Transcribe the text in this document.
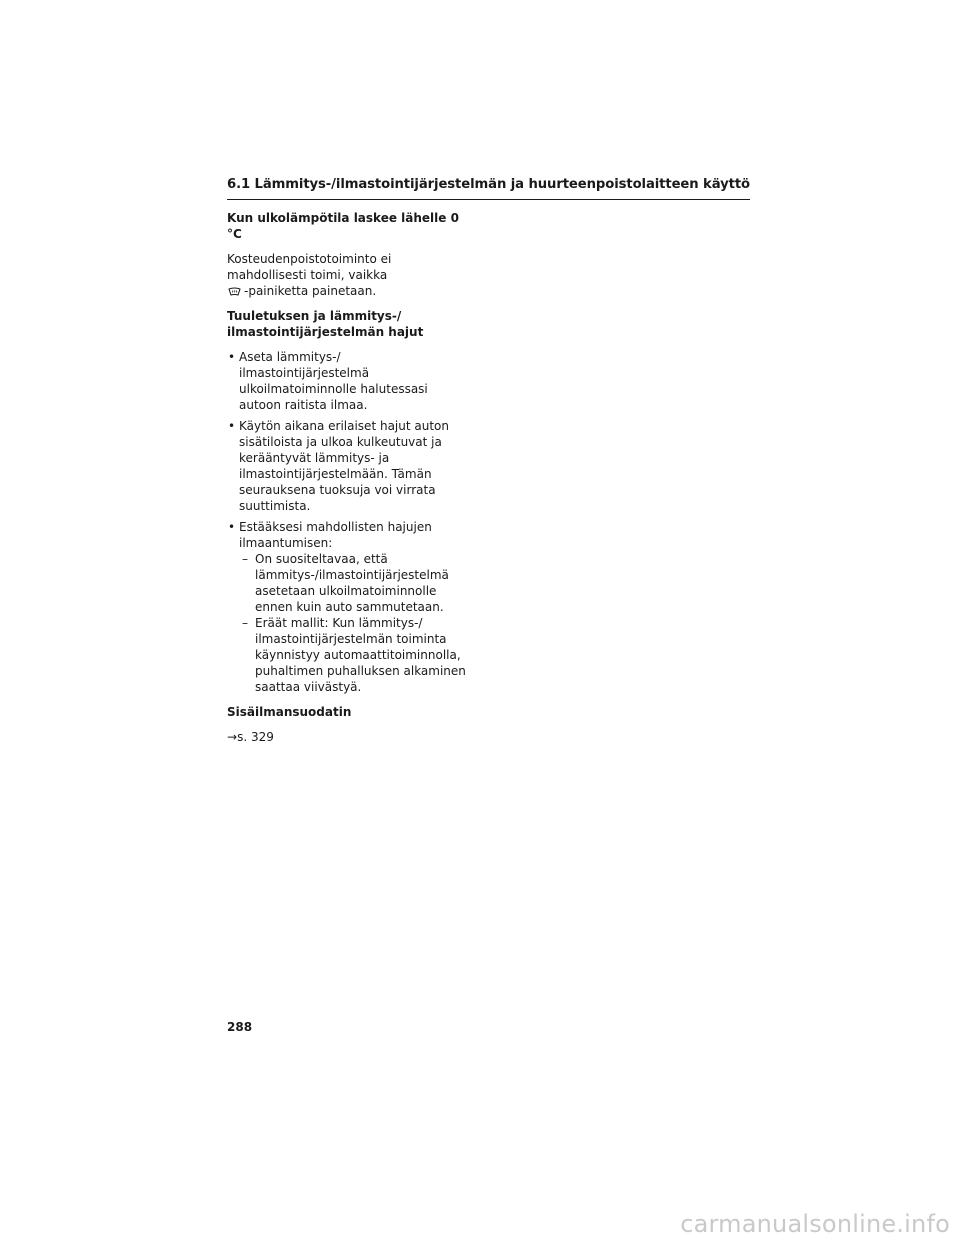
6.1 Lämmitys-/ilmastointijärjestelmän ja huurteenpoistolaitteen käyttö
Kun ulkolämpötila laskee lähelle 0 °C
Kosteudenpoistotoiminto ei
mahdollisesti toimi, vaikka
-painiketta painetaan.
Tuuletuksen ja lämmitys-/
ilmastointijärjestelmän hajut
• Aseta lämmitys-/
ilmastointijärjestelmä
ulkoilmatoiminnolle halutessasi
autoon raitista ilmaa.
• Käytön aikana erilaiset hajut auton
sisätiloista ja ulkoa kulkeutuvat ja
kerääntyvät lämmitys- ja
ilmastointijärjestelmään. Tämän
seurauksena tuoksuja voi virrata
suuttimista.
• Estääksesi mahdollisten hajujen
ilmaantumisen:
– On suositeltavaa, että
lämmitys-/ilmastointijärjestelmä
asetetaan ulkoilmatoiminnolle
ennen kuin auto sammutetaan.
– Eräät mallit: Kun lämmitys-/
ilmastointijärjestelmän toiminta
käynnistyy automaattitoiminnolla,
puhaltimen puhalluksen alkaminen
saattaa viivästyä.
Sisäilmansuodatin
→s. 329
288
carmanualsonline.info
